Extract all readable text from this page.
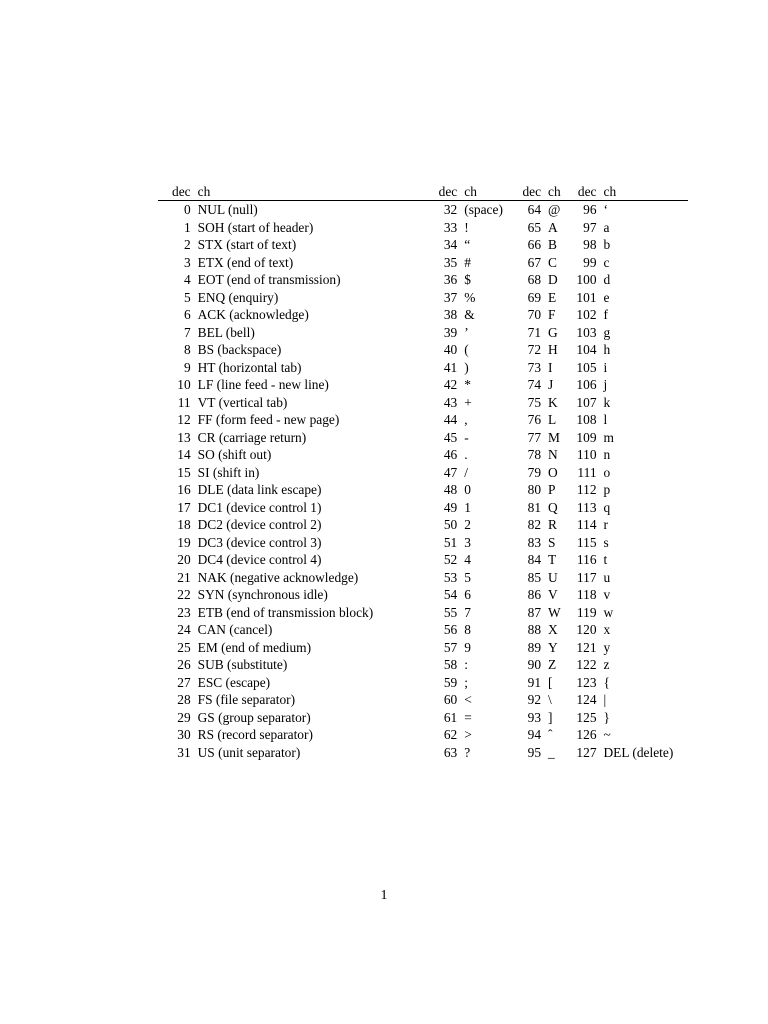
dec	ch	dec	ch	dec	ch	dec	ch
0	NUL (null)	32	(space)	64	@	96	‘
1	SOH (start of header)	33	!	65	A	97	a
2	STX (start of text)	34	“	66	B	98	b
3	ETX (end of text)	35	#	67	C	99	c
4	EOT (end of transmission)	36	$	68	D	100	d
5	ENQ (enquiry)	37	%	69	E	101	e
6	ACK (acknowledge)	38	&	70	F	102	f
7	BEL (bell)	39	’	71	G	103	g
8	BS (backspace)	40	(	72	H	104	h
9	HT (horizontal tab)	41	)	73	I	105	i
10	LF (line feed - new line)	42	*	74	J	106	j
11	VT (vertical tab)	43	+	75	K	107	k
12	FF (form feed - new page)	44	,	76	L	108	l
13	CR (carriage return)	45	-	77	M	109	m
14	SO (shift out)	46	.	78	N	110	n
15	SI (shift in)	47	/	79	O	111	o
16	DLE (data link escape)	48	0	80	P	112	p
17	DC1 (device control 1)	49	1	81	Q	113	q
18	DC2 (device control 2)	50	2	82	R	114	r
19	DC3 (device control 3)	51	3	83	S	115	s
20	DC4 (device control 4)	52	4	84	T	116	t
21	NAK (negative acknowledge)	53	5	85	U	117	u
22	SYN (synchronous idle)	54	6	86	V	118	v
23	ETB (end of transmission block)	55	7	87	W	119	w
24	CAN (cancel)	56	8	88	X	120	x
25	EM (end of medium)	57	9	89	Y	121	y
26	SUB (substitute)	58	:	90	Z	122	z
27	ESC (escape)	59	;	91	[	123	{
28	FS (file separator)	60	<	92	\	124	|
29	GS (group separator)	61	=	93	]	125	}
30	RS (record separator)	62	>	94	ˆ	126	~
31	US (unit separator)	63	?	95	_	127	DEL (delete)
1
